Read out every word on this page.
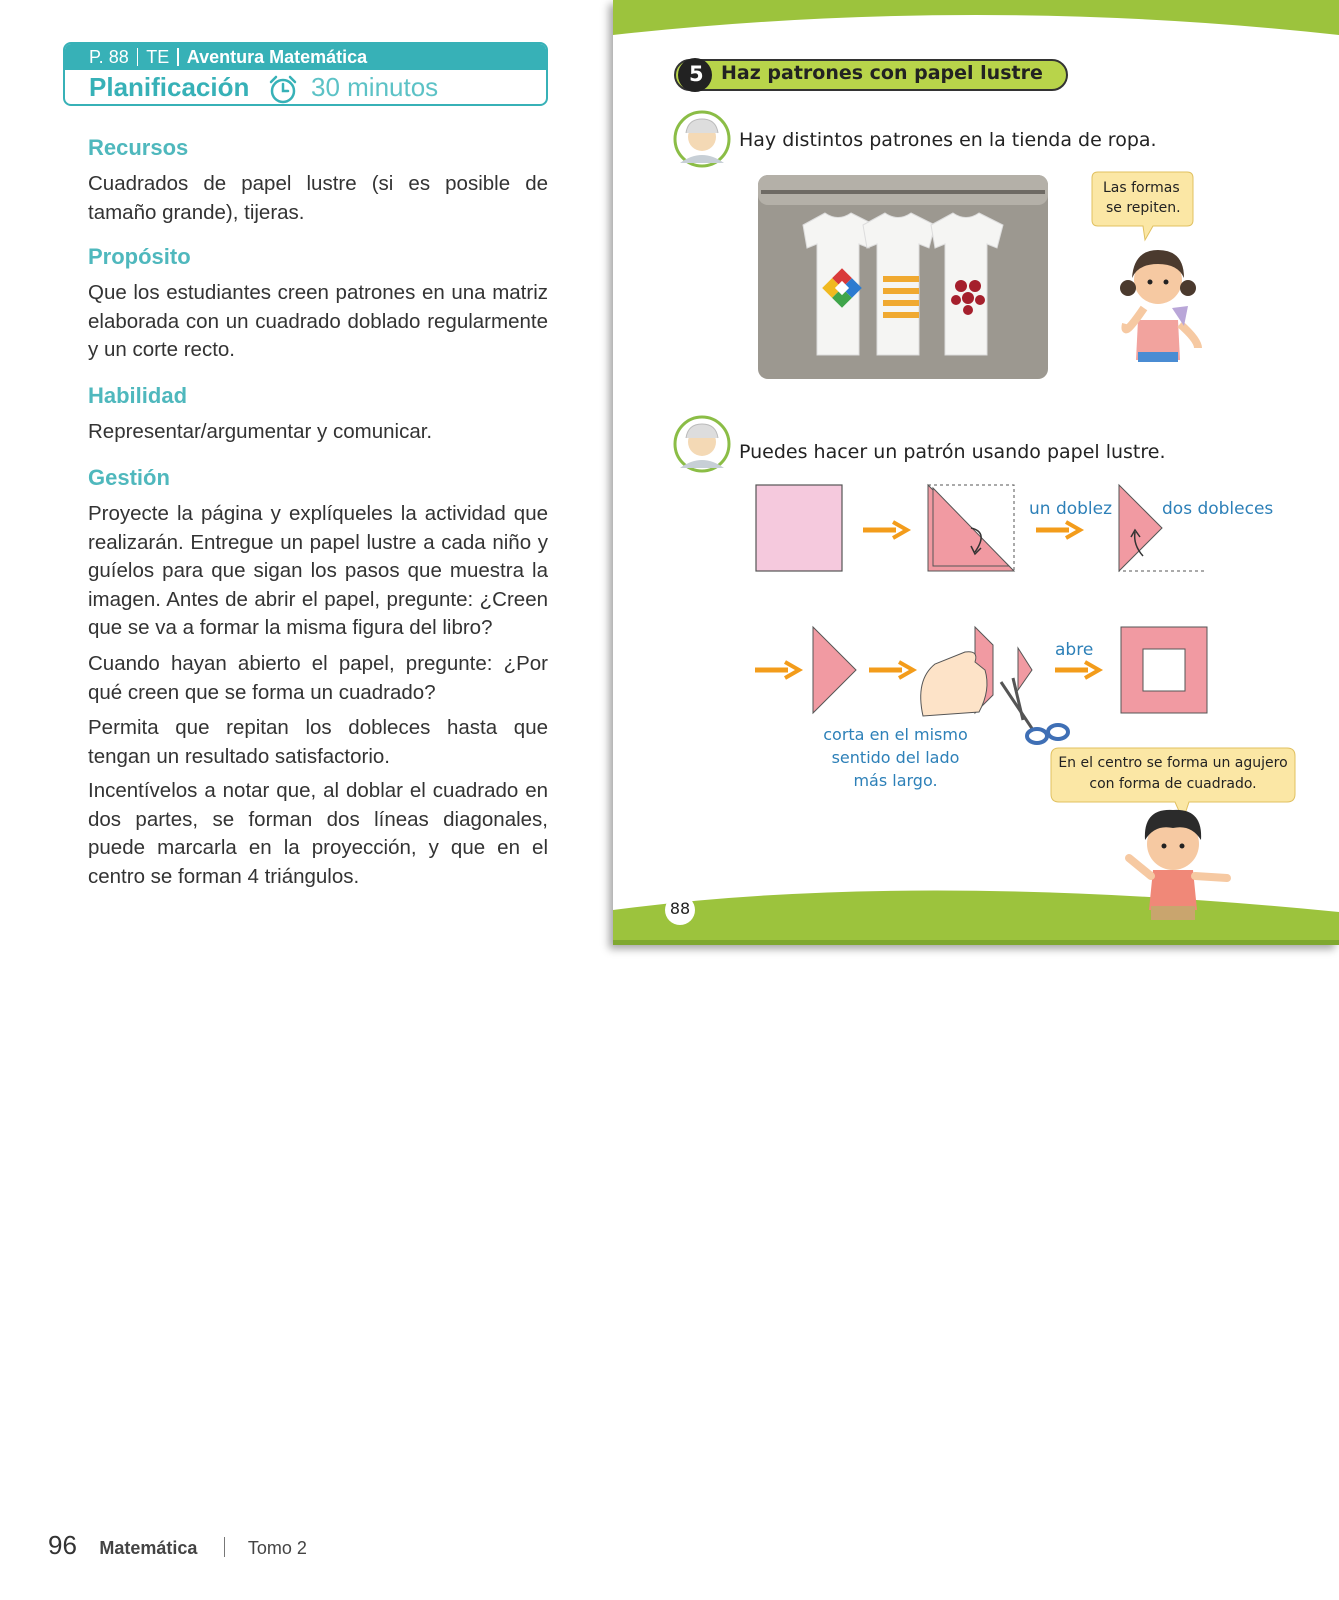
P. 88 TE Aventura Matemática
Planificación 30 minutos
Recursos
Cuadrados de papel lustre (si es posible de tamaño grande), tijeras.
Propósito
Que los estudiantes creen patrones en una matriz elaborada con un cuadrado doblado regularmente y un corte recto.
Habilidad
Representar/argumentar y comunicar.
Gestión
Proyecte la página y explíqueles la actividad que realizarán. Entregue un papel lustre a cada niño y guíelos para que sigan los pasos que muestra la imagen. Antes de abrir el papel, pregunte: ¿Creen que se va a formar la misma figura del libro?
Cuando hayan abierto el papel, pregunte: ¿Por qué creen que se forma un cuadrado?
Permita que repitan los dobleces hasta que tengan un resultado satisfactorio.
Incentívelos a notar que, al doblar el cuadrado en dos partes, se forman dos líneas diagonales, puede marcarla en la proyección, y que en el centro se forman 4 triángulos.
96 Matemática	Tomo 2
5 Haz patrones con papel lustre
Hay distintos patrones en la tienda de ropa.
Las formas
se repiten.
Puedes hacer un patrón usando papel lustre.
un doblez	dos dobleces
abre
corta en el mismo
sentido del lado
más largo.
En el centro se forma un agujero
con forma de cuadrado.
88
